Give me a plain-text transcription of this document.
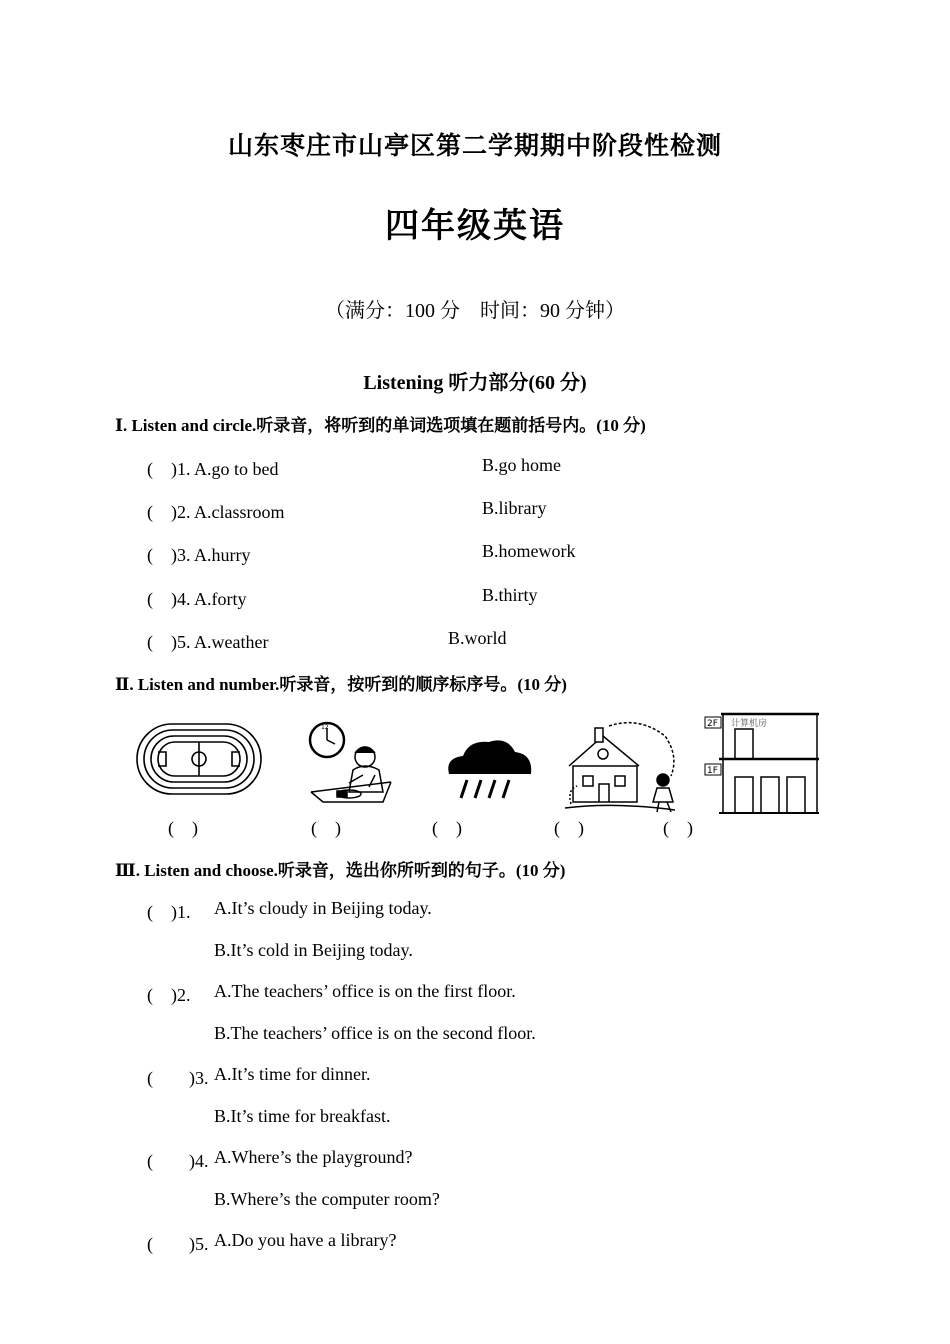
山东枣庄市山亭区第二学期期中阶段性检测
四年级英语
（满分：100 分　时间：90 分钟）
Listening 听力部分(60 分)
Ⅰ. Listen and circle.听录音，将听到的单词选项填在题前括号内。(10 分)
(　)1. A.go to bed	B.go home
(　)2. A.classroom	B.library
(　)3. A.hurry	B.homework
(　)4. A.forty	B.thirty
(　)5. A.weather	B.world
Ⅱ. Listen and number.听录音，按听到的顺序标序号。(10 分)
12	2F
1F
计算机房
(　)	(　)	(　)	(　)	(　)
Ⅲ. Listen and choose.听录音，选出你所听到的句子。(10 分)
(　)1. A.It’s cloudy in Beijing today.
B.It’s cold in Beijing today.
(　)2. A.The teachers’ office is on the first floor.
B.The teachers’ office is on the second floor.
(　　)3. A.It’s time for dinner.
B.It’s time for breakfast.
(　　)4. A.Where’s the playground?
B.Where’s the computer room?
(　　)5. A.Do you have a library?
